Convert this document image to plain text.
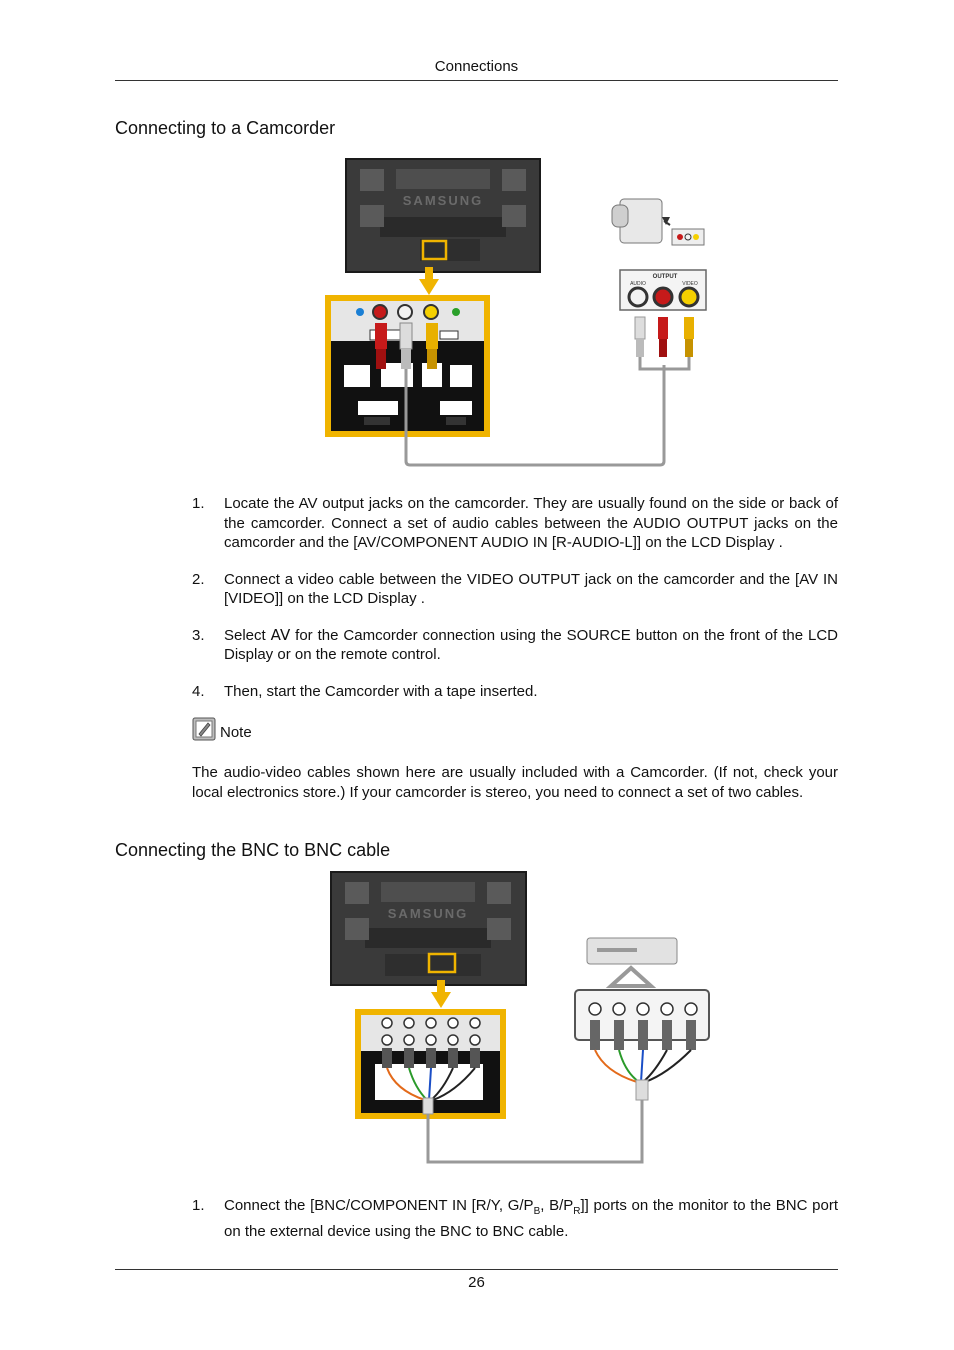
Connections
Connecting to a Camcorder
SAMSUNG
OUTPUT
AUDIO	VIDEO
1. Locate the AV output jacks on the camcorder. They are usually found on the side or back of the camcorder. Connect a set of audio cables between the AUDIO OUTPUT jacks on the camcorder and the [AV/COMPONENT AUDIO IN [R-AUDIO-L]] on the LCD Display .
2. Connect a video cable between the VIDEO OUTPUT jack on the camcorder and the [AV IN [VIDEO]] on the LCD Display .
3. Select AV for the Camcorder connection using the SOURCE button on the front of the LCD Display or on the remote control.
4. Then, start the Camcorder with a tape inserted.
Note
The audio-video cables shown here are usually included with a Camcorder. (If not, check your local electronics store.) If your camcorder is stereo, you need to connect a set of two cables.
Connecting the BNC to BNC cable
SAMSUNG
1. Connect the [BNC/COMPONENT IN [R/Y, $G/P_B$, $B/P_R$]] ports on the monitor to the BNC port on the external device using the BNC to BNC cable.
26
